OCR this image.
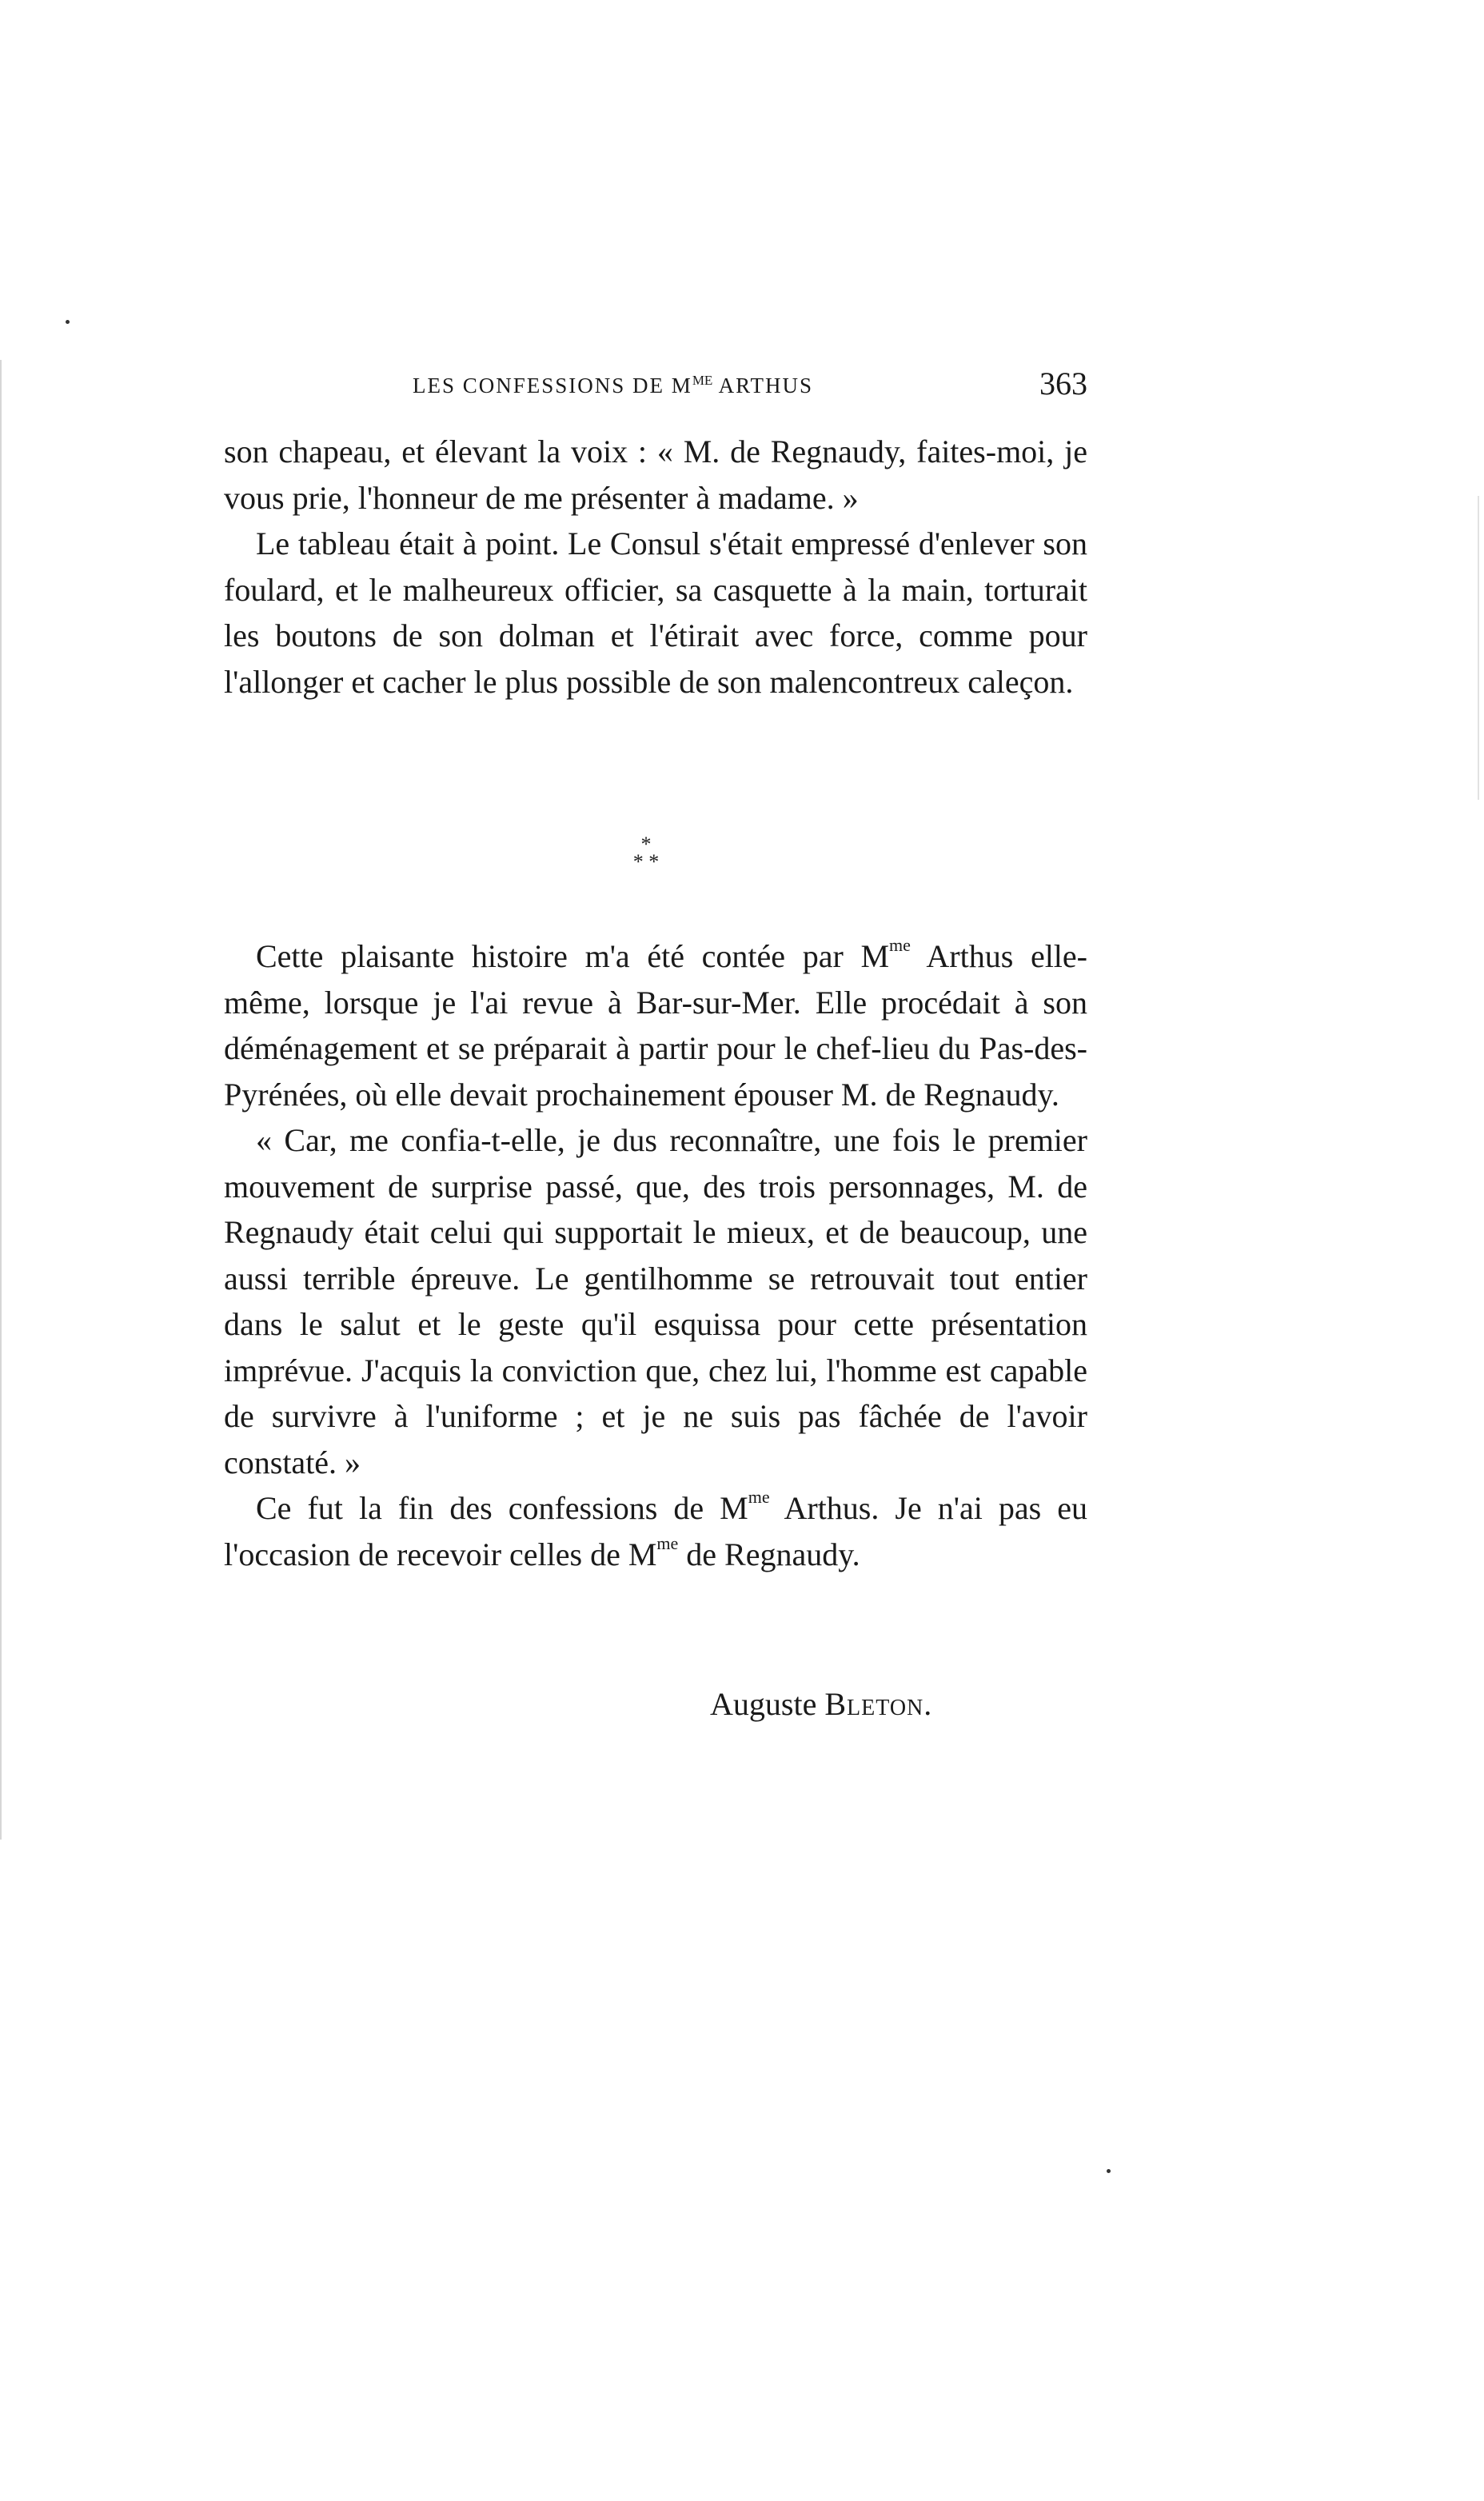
LES CONFESSIONS DE $M^{ME}$ ARTHUS	363

son chapeau, et élevant la voix : « M. de Regnaudy, faites-moi, je vous prie, l'honneur de me présenter à madame. »

Le tableau était à point. Le Consul s'était empressé d'enlever son foulard, et le malheureux officier, sa casquette à la main, torturait les boutons de son dolman et l'étirait avec force, comme pour l'allonger et cacher le plus possible de son malencontreux caleçon.

*
* *

Cette plaisante histoire m'a été contée par $M^{me}$ Arthus elle-même, lorsque je l'ai revue à Bar-sur-Mer. Elle procédait à son déménagement et se préparait à partir pour le chef-lieu du Pas-des-Pyrénées, où elle devait prochainement épouser M. de Regnaudy.

« Car, me confia-t-elle, je dus reconnaître, une fois le premier mouvement de surprise passé, que, des trois personnages, M. de Regnaudy était celui qui supportait le mieux, et de beaucoup, une aussi terrible épreuve. Le gentilhomme se retrouvait tout entier dans le salut et le geste qu'il esquissa pour cette présentation imprévue. J'acquis la conviction que, chez lui, l'homme est capable de survivre à l'uniforme ; et je ne suis pas fâchée de l'avoir constaté. »

Ce fut la fin des confessions de $M^{me}$ Arthus. Je n'ai pas eu l'occasion de recevoir celles de $M^{me}$ de Regnaudy.

Auguste Bleton.
